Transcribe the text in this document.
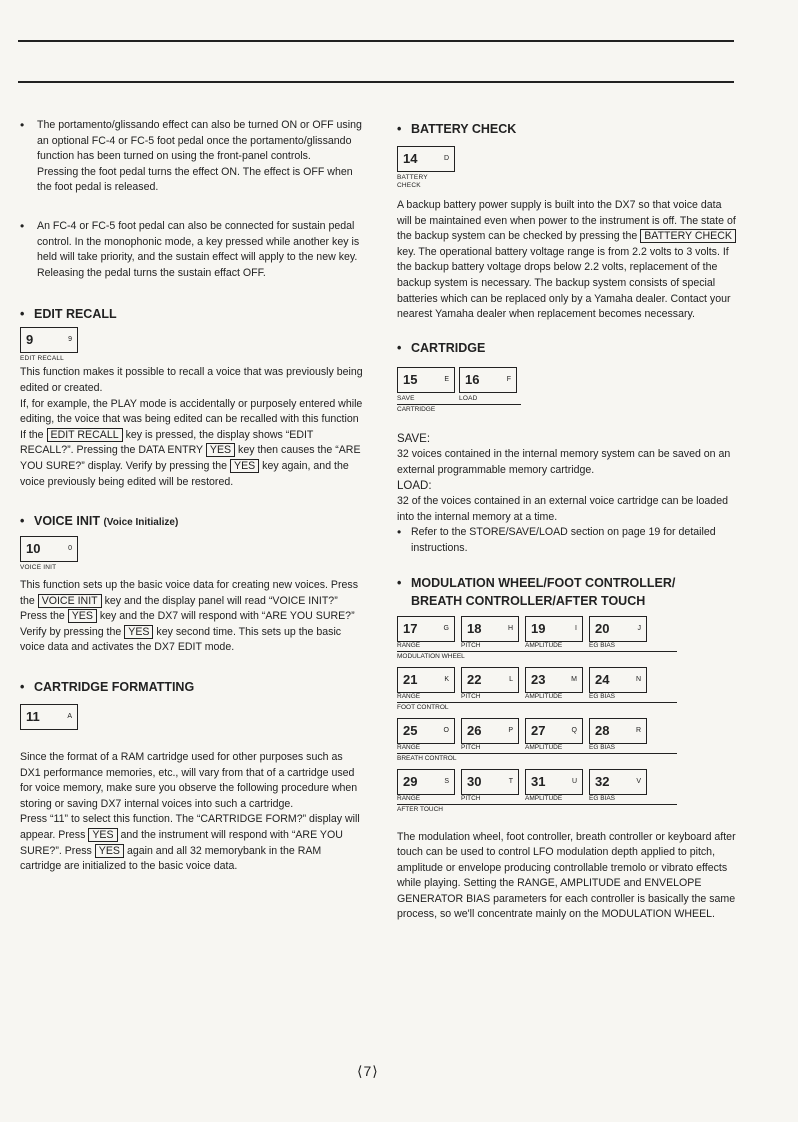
• The portamento/glissando effect can also be turned ON or OFF using an optional FC-4 or FC-5 foot pedal once the portamento/glissando function has been turned on using the front-panel controls.

Pressing the foot pedal turns the effect ON. The effect is OFF when the foot pedal is released.

• An FC-4 or FC-5 foot pedal can also be connected for sustain pedal control. In the monophonic mode, a key pressed while another key is held will take priority, and the sustain effect will apply to the new key.

Releasing the pedal turns the sustain effact OFF.

• EDIT RECALL
9	9
EDIT RECALL

This function makes it possible to recall a voice that was previously being edited or created.

If, for example, the PLAY mode is accidentally or purposely entered while editing, the voice that was being edited can be recalled with this function

If the EDIT RECALL key is pressed, the display shows “EDIT RECALL?”. Pressing the DATA ENTRY YES key then causes the “ARE YOU SURE?” display. Verify by pressing the YES key again, and the voice previously being edited will be restored.

• VOICE INIT (Voice Initialize)
10	0
VOICE INIT

This function sets up the basic voice data for creating new voices. Press the VOICE INIT key and the display panel will read “VOICE INIT?” Press the YES key and the DX7 will respond with “ARE YOU SURE?” Verify by pressing the YES key second time. This sets up the basic voice data and activates the DX7 EDIT mode.

• CARTRIDGE FORMATTING
11	A

Since the format of a RAM cartridge used for other purposes such as DX1 performance memories, etc., will vary from that of a cartridge used for voice memory, make sure you observe the following procedure when storing or saving DX7 internal voices into such a cartridge.

Press “11” to select this function. The “CARTRIDGE FORM?” display will appear. Press YES and the instrument will respond with “ARE YOU SURE?”. Press YES again and all 32 memorybank in the RAM cartridge are initialized to the basic voice data.

• BATTERY CHECK
14	D
BATTERY
CHECK

A backup battery power supply is built into the DX7 so that voice data will be maintained even when power to the instrument is off. The state of the backup system can be checked by pressing the BATTERY CHECK key. The operational battery voltage range is from 2.2 volts to 3 volts. If the backup battery voltage drops below 2.2 volts, replacement of the backup system is necessary. The backup system consists of special batteries which can be replaced only by a Yamaha dealer. Contact your nearest Yamaha dealer when replacement becomes necessary.

• CARTRIDGE
15	E
SAVE
16	F
LOAD
CARTRIDGE

SAVE:

32 voices contained in the internal memory system can be saved on an external programmable memory cartridge.

LOAD:

32 of the voices contained in an external voice cartridge can be loaded into the internal memory at a time.

• Refer to the STORE/SAVE/LOAD section on page 19 for detailed instructions.

• MODULATION WHEEL/FOOT CONTROLLER/
BREATH CONTROLLER/AFTER TOUCH
17	G 18	H 19	I 20	J
RANGE	PITCH	AMPLITUDE	EG BIAS
MODULATION WHEEL
21	K 22	L 23	M 24	N
RANGE	PITCH	AMPLITUDE	EG BIAS
FOOT CONTROL
25	O 26	P 27	Q 28	R
RANGE	PITCH	AMPLITUDE	EG BIAS
BREATH CONTROL
29	S 30	T 31	U 32	V
RANGE	PITCH	AMPLITUDE	EG BIAS
AFTER TOUCH

The modulation wheel, foot controller, breath controller or keyboard after touch can be used to control LFO modulation depth applied to pitch, amplitude or envelope producing controllable tremolo or vibrato effects while playing. Setting the RANGE, AMPLITUDE and ENVELOPE GENERATOR BIAS parameters for each controller is basically the same process, so we'll concentrate mainly on the MODULATION WHEEL.

⟨7⟩
